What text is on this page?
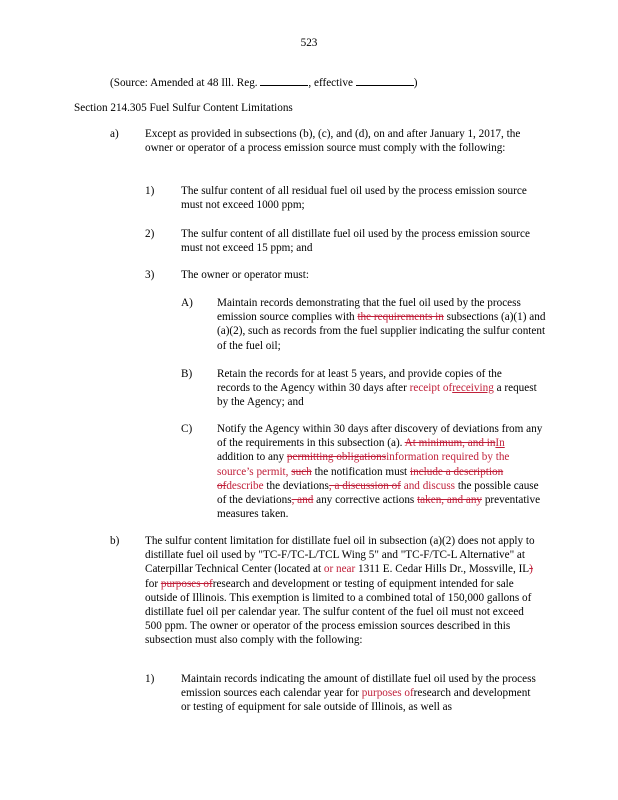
523
(Source: Amended at 48 Ill. Reg.	, effective	)
Section 214.305 Fuel Sulfur Content Limitations
a) Except as provided in subsections (b), (c), and (d), on and after January 1, 2017, the owner or operator of a process emission source must comply with the following:

1) The sulfur content of all residual fuel oil used by the process emission source must not exceed 1000 ppm;

2) The sulfur content of all distillate fuel oil used by the process emission source must not exceed 15 ppm; and

3) The owner or operator must:

A) Maintain records demonstrating that the fuel oil used by the process emission source complies with the requirements in subsections (a)(1) and (a)(2), such as records from the fuel supplier indicating the sulfur content of the fuel oil;

B) Retain the records for at least 5 years, and provide copies of the records to the Agency within 30 days after receipt ofreceiving a request by the Agency; and

C) Notify the Agency within 30 days after discovery of deviations from any of the requirements in this subsection (a). At minimum, and inIn addition to any permitting obligationsinformation required by the source’s permit, such the notification must include a description ofdescribe the deviations, a discussion of and discuss the possible cause of the deviations, and any corrective actions taken, and any preventative measures taken.

b) The sulfur content limitation for distillate fuel oil in subsection (a)(2) does not apply to distillate fuel oil used by "TC-F/TC-L/TCL Wing 5" and "TC-F/TC-L Alternative" at Caterpillar Technical Center (located at or near 1311 E. Cedar Hills Dr., Mossville, IL) for purposes ofresearch and development or testing of equipment intended for sale outside of Illinois. This exemption is limited to a combined total of 150,000 gallons of distillate fuel oil per calendar year. The sulfur content of the fuel oil must not exceed 500 ppm. The owner or operator of the process emission sources described in this subsection must also comply with the following:

1) Maintain records indicating the amount of distillate fuel oil used by the process emission sources each calendar year for purposes ofresearch and development or testing of equipment for sale outside of Illinois, as well as
